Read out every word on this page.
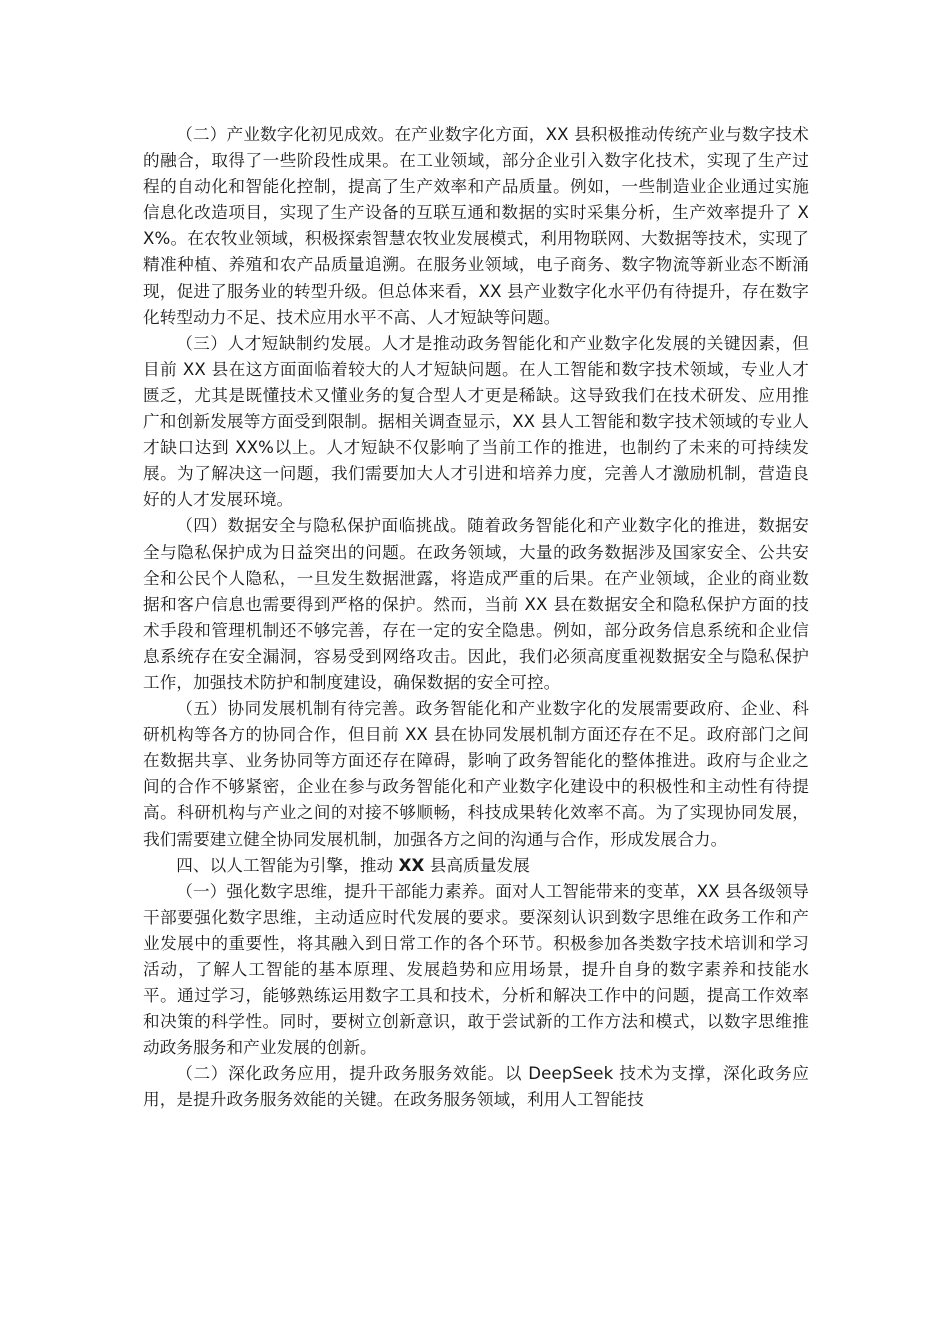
（二）产业数字化初见成效。在产业数字化方面，XX 县积极推动传统产业与数字技术的融合，取得了一些阶段性成果。在工业领域，部分企业引入数字化技术，实现了生产过程的自动化和智能化控制，提高了生产效率和产品质量。例如，一些制造业企业通过实施信息化改造项目，实现了生产设备的互联互通和数据的实时采集分析，生产效率提升了 XX%。在农牧业领域，积极探索智慧农牧业发展模式，利用物联网、大数据等技术，实现了精准种植、养殖和农产品质量追溯。在服务业领域，电子商务、数字物流等新业态不断涌现，促进了服务业的转型升级。但总体来看，XX 县产业数字化水平仍有待提升，存在数字化转型动力不足、技术应用水平不高、人才短缺等问题。

（三）人才短缺制约发展。人才是推动政务智能化和产业数字化发展的关键因素，但目前 XX 县在这方面面临着较大的人才短缺问题。在人工智能和数字技术领域，专业人才匮乏，尤其是既懂技术又懂业务的复合型人才更是稀缺。这导致我们在技术研发、应用推广和创新发展等方面受到限制。据相关调查显示，XX 县人工智能和数字技术领域的专业人才缺口达到 XX%以上。人才短缺不仅影响了当前工作的推进，也制约了未来的可持续发展。为了解决这一问题，我们需要加大人才引进和培养力度，完善人才激励机制，营造良好的人才发展环境。

（四）数据安全与隐私保护面临挑战。随着政务智能化和产业数字化的推进，数据安全与隐私保护成为日益突出的问题。在政务领域，大量的政务数据涉及国家安全、公共安全和公民个人隐私，一旦发生数据泄露，将造成严重的后果。在产业领域，企业的商业数据和客户信息也需要得到严格的保护。然而，当前 XX 县在数据安全和隐私保护方面的技术手段和管理机制还不够完善，存在一定的安全隐患。例如，部分政务信息系统和企业信息系统存在安全漏洞，容易受到网络攻击。因此，我们必须高度重视数据安全与隐私保护工作，加强技术防护和制度建设，确保数据的安全可控。

（五）协同发展机制有待完善。政务智能化和产业数字化的发展需要政府、企业、科研机构等各方的协同合作，但目前 XX 县在协同发展机制方面还存在不足。政府部门之间在数据共享、业务协同等方面还存在障碍，影响了政务智能化的整体推进。政府与企业之间的合作不够紧密，企业在参与政务智能化和产业数字化建设中的积极性和主动性有待提高。科研机构与产业之间的对接不够顺畅，科技成果转化效率不高。为了实现协同发展，我们需要建立健全协同发展机制，加强各方之间的沟通与合作，形成发展合力。

四、以人工智能为引擎，推动 XX 县高质量发展

（一）强化数字思维，提升干部能力素养。面对人工智能带来的变革，XX 县各级领导干部要强化数字思维，主动适应时代发展的要求。要深刻认识到数字思维在政务工作和产业发展中的重要性，将其融入到日常工作的各个环节。积极参加各类数字技术培训和学习活动，了解人工智能的基本原理、发展趋势和应用场景，提升自身的数字素养和技能水平。通过学习，能够熟练运用数字工具和技术，分析和解决工作中的问题，提高工作效率和决策的科学性。同时，要树立创新意识，敢于尝试新的工作方法和模式，以数字思维推动政务服务和产业发展的创新。

（二）深化政务应用，提升政务服务效能。以 DeepSeek 技术为支撑，深化政务应用，是提升政务服务效能的关键。在政务服务领域，利用人工智能技
